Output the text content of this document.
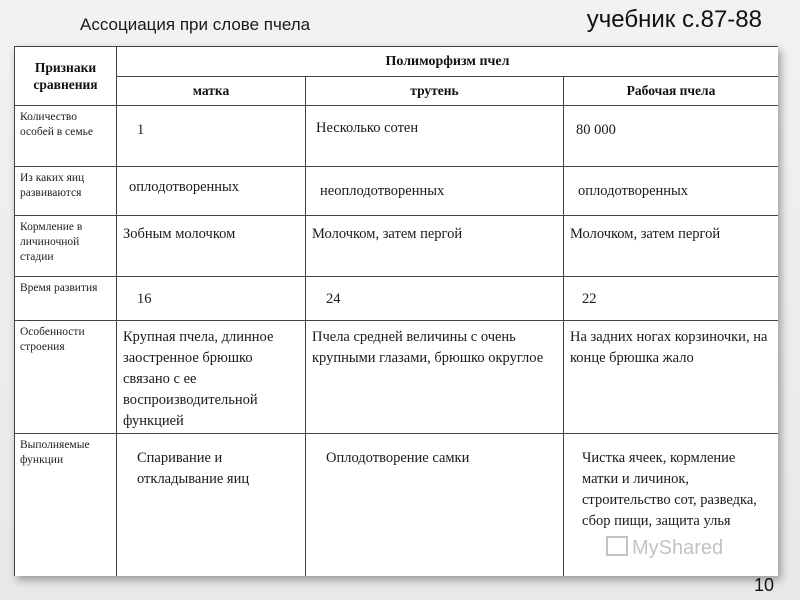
Ассоциация при слове пчела	учебник с.87-88
Признаки сравнения	Полиморфизм пчел		
	матка	трутень	Рабочая пчела
Количество особей в семье	1	Несколько сотен	80 000
Из каких яиц развиваются	оплодотворенных	неоплодотворенных	оплодотворенных
Кормление в личиночной стадии	Зобным молочком	Молочком, затем пергой	Молочком, затем пергой
Время развития	16	24	22
Особенности строения	Крупная пчела, длинное заостренное брюшко связано с ее воспроизводительной функцией	Пчела средней величины с очень крупными глазами, брюшко округлое	На задних ногах корзиночки, на конце брюшка жало
Выполняемые функции	Спаривание и откладывание яиц	Оплодотворение самки	Чистка ячеек, кормление матки и личинок, строительство сот, разведка, сбор пищи, защита улья
MyShared
10
